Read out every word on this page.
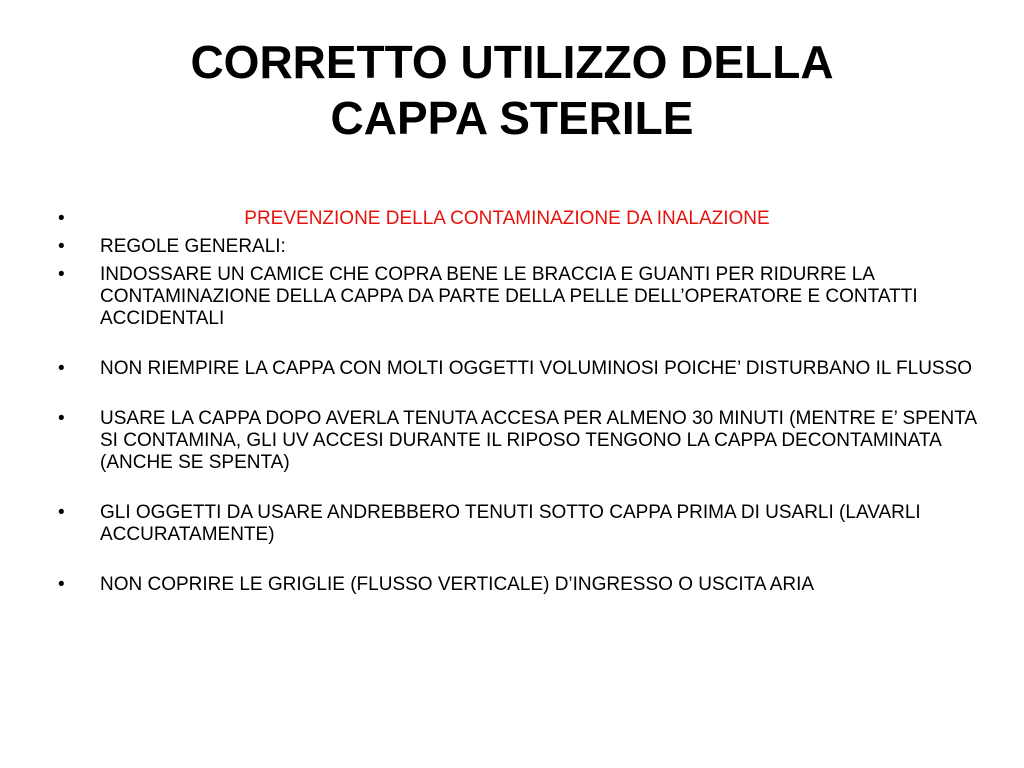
CORRETTO UTILIZZO DELLA
CAPPA STERILE
•	PREVENZIONE DELLA CONTAMINAZIONE DA INALAZIONE
•	REGOLE GENERALI:
•	INDOSSARE UN CAMICE CHE COPRA BENE LE BRACCIA E GUANTI PER RIDURRE LA CONTAMINAZIONE DELLA CAPPA DA PARTE DELLA PELLE DELL’OPERATORE E CONTATTI ACCIDENTALI
•	NON RIEMPIRE LA CAPPA CON MOLTI OGGETTI VOLUMINOSI POICHE’ DISTURBANO IL FLUSSO
•	USARE LA CAPPA DOPO AVERLA TENUTA ACCESA PER ALMENO 30 MINUTI (MENTRE E’ SPENTA SI CONTAMINA, GLI UV ACCESI DURANTE IL RIPOSO TENGONO LA CAPPA DECONTAMINATA (ANCHE SE SPENTA)
•	GLI OGGETTI DA USARE ANDREBBERO TENUTI SOTTO CAPPA PRIMA DI USARLI (LAVARLI ACCURATAMENTE)
•	NON COPRIRE LE GRIGLIE (FLUSSO VERTICALE) D’INGRESSO O USCITA ARIA
